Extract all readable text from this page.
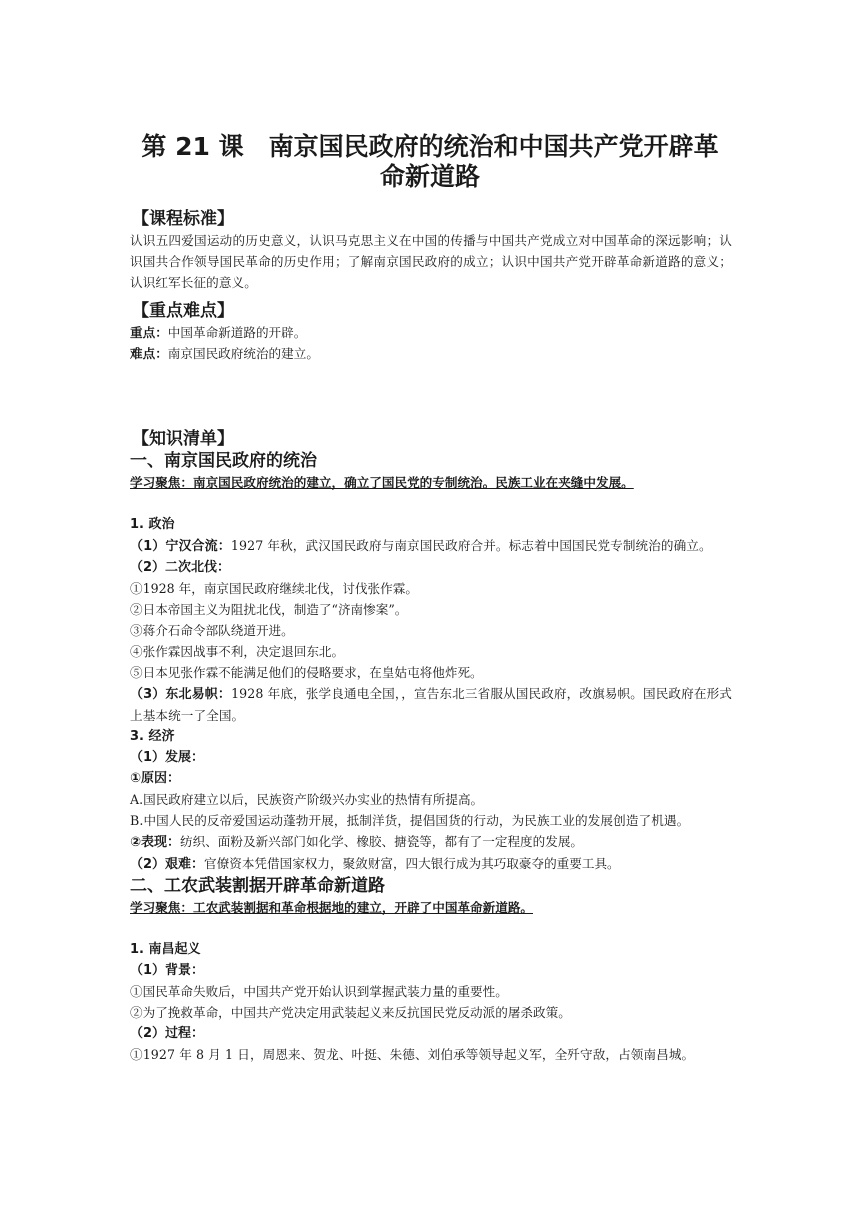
第 21 课　南京国民政府的统治和中国共产党开辟革
命新道路
【课程标准】
认识五四爱国运动的历史意义，认识马克思主义在中国的传播与中国共产党成立对中国革命的深远影响；认识国共合作领导国民革命的历史作用；了解南京国民政府的成立；认识中国共产党开辟革命新道路的意义；认识红军长征的意义。
【重点难点】
重点：中国革命新道路的开辟。
难点：南京国民政府统治的建立。
【知识清单】
一、南京国民政府的统治
学习聚焦：南京国民政府统治的建立，确立了国民党的专制统治。民族工业在夹缝中发展。
1. 政治
（1）宁汉合流：1927 年秋，武汉国民政府与南京国民政府合并。标志着中国国民党专制统治的确立。
（2）二次北伐：
①1928 年，南京国民政府继续北伐，讨伐张作霖。
②日本帝国主义为阻扰北伐，制造了“济南惨案”。
③蒋介石命令部队绕道开进。
④张作霖因战事不利，决定退回东北。
⑤日本见张作霖不能满足他们的侵略要求，在皇姑屯将他炸死。
（3）东北易帜：1928 年底，张学良通电全国，，宣告东北三省服从国民政府，改旗易帜。国民政府在形式上基本统一了全国。
3. 经济
（1）发展：
①原因：
A.国民政府建立以后，民族资产阶级兴办实业的热情有所提高。
B.中国人民的反帝爱国运动蓬勃开展，抵制洋货，提倡国货的行动，为民族工业的发展创造了机遇。
②表现：纺织、面粉及新兴部门如化学、橡胶、搪瓷等，都有了一定程度的发展。
（2）艰难：官僚资本凭借国家权力，聚敛财富，四大银行成为其巧取豪夺的重要工具。
二、工农武装割据开辟革命新道路
学习聚焦：工农武装割据和革命根据地的建立，开辟了中国革命新道路。
1. 南昌起义
（1）背景：
①国民革命失败后，中国共产党开始认识到掌握武装力量的重要性。
②为了挽救革命，中国共产党决定用武装起义来反抗国民党反动派的屠杀政策。
（2）过程：
①1927 年 8 月 1 日，周恩来、贺龙、叶挺、朱德、刘伯承等领导起义军，全歼守敌，占领南昌城。
